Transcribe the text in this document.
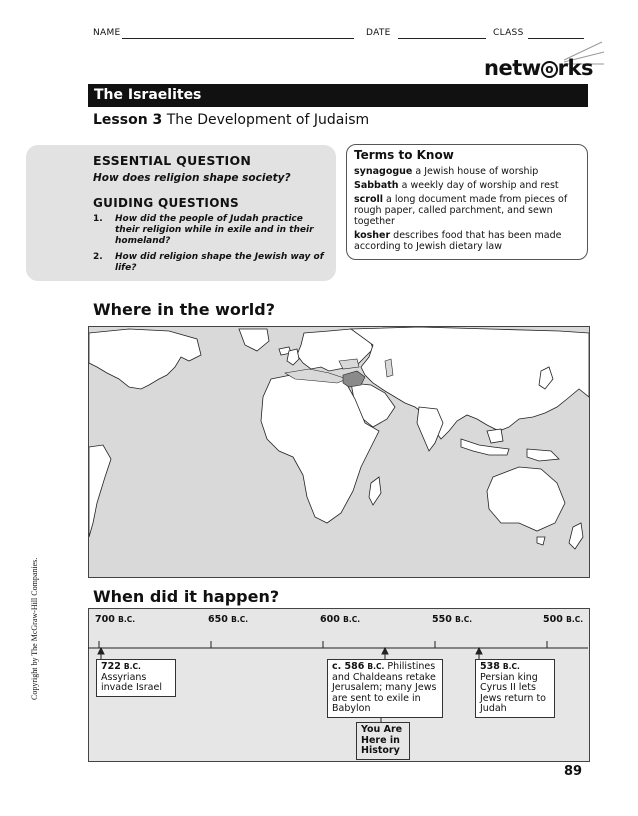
NAME	DATE	CLASS
netw o rks
The Israelites
Lesson 3 The Development of Judaism
ESSENTIAL QUESTION
How does religion shape society?
GUIDING QUESTIONS
1. How did the people of Judah practice their religion while in exile and in their homeland?
2. How did religion shape the Jewish way of life?
Terms to Know
synagogue a Jewish house of worship
Sabbath a weekly day of worship and rest
scroll a long document made from pieces of rough paper, called parchment, and sewn together
kosher describes food that has been made according to Jewish dietary law
Where in the world?
Copyright by The McGraw-Hill Companies.	When did it happen?
700 B.C.	650 B.C.	600 B.C.	550 B.C.	500 B.C.
722 B.C.
Assyrians invade Israel
c. 586 B.C. Philistines and Chaldeans retake Jerusalem; many Jews are sent to exile in Babylon
538 B.C.
Persian king Cyrus II lets Jews return to Judah
You Are Here in History
89
